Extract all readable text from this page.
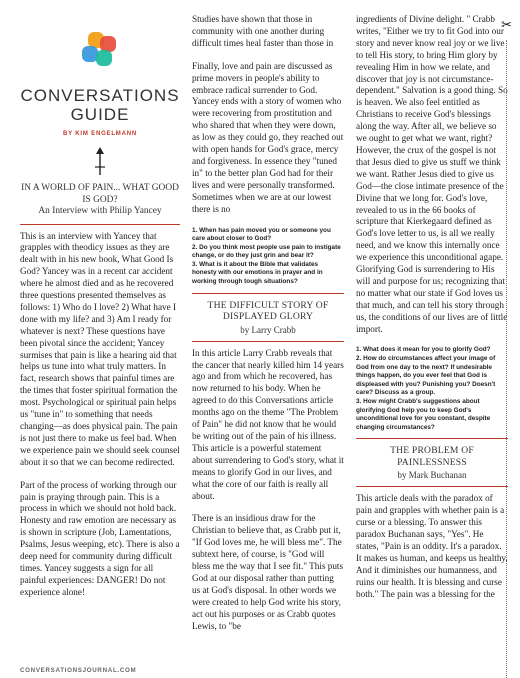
CONVERSATIONS
GUIDE

BY KIM ENGELMANN

IN A WORLD OF PAIN... WHAT GOOD IS GOD?
An Interview with Philip Yancey

This is an interview with Yancey that grapples with theodicy issues as they are dealt with in his new book, What Good Is God? Yancey was in a recent car accident where he almost died and as he recovered three questions presented themselves as follows: 1) Who do I love? 2) What have I done with my life? and 3) Am I ready for whatever is next? These questions have been pivotal since the accident; Yancey surmises that pain is like a hearing aid that helps us tune into what truly matters. In fact, research shows that painful times are the times that foster spiritual formation the most. Psychological or spiritual pain helps us "tune in" to something that needs changing—as does physical pain. The pain is not just there to make us feel bad. When we experience pain we should seek counsel about it so that we can become redirected.

Part of the process of working through our pain is praying through pain. This is a process in which we should not hold back. Honesty and raw emotion are necessary as is shown in scripture (Job, Lamentations, Psalms, Jesus weeping, etc). There is also a deep need for community during difficult times. Yancey suggests a sign for all painful experiences: DANGER! Do not experience alone!

Studies have shown that those in community with one another during difficult times heal faster than those in

Finally, love and pain are discussed as prime movers in people's ability to embrace radical surrender to God. Yancey ends with a story of women who were recovering from prostitution and who shared that when they were down, as low as they could go, they reached out with open hands for God's grace, mercy and forgiveness. In essence they "tuned in" to the better plan God had for their lives and were personally transformed. Sometimes when we are at our lowest there is no

1. When has pain moved you or someone you care about closer to God?

2. Do you think most people use pain to instigate change, or do they just grin and bear it?

3. What is it about the Bible that validates honesty with our emotions in prayer and in working through tough situations?

THE DIFFICULT STORY OF DISPLAYED GLORY

by Larry Crabb

In this article Larry Crabb reveals that the cancer that nearly killed him 14 years ago and from which he recovered, has now returned to his body. When he agreed to do this Conversations article months ago on the theme "The Problem of Pain" he did not know that he would be writing out of the pain of his illness. This article is a powerful statement about surrendering to God's story, what it means to glorify God in our lives, and what the core of our faith is really all about.

There is an insidious draw for the Christian to believe that, as Crabb put it, "If God loves me, he will bless me". The subtext here, of course, is "God will bless me the way that I see fit." This puts God at our disposal rather than putting us at God's disposal. In other words we were created to help God write his story, act out his purposes or as Crabb quotes Lewis, to "be

ingredients of Divine delight. " Crabb writes, "Either we try to fit God into our story and never know real joy or we live to tell His story, to bring Him glory by revealing Him in how we relate, and discover that joy is not circumstance-dependent." Salvation is a good thing. So is heaven. We also feel entitled as Christians to receive God's blessings along the way. After all, we believe so we ought to get what we want, right? However, the crux of the gospel is not that Jesus died to give us stuff we think we want. Rather Jesus died to give us God—the close intimate presence of the Divine that we long for. God's love, revealed to us in the 66 books of scripture that Kierkegaard defined as God's love letter to us, is all we really need, and we know this internally once we experience this unconditional agape. Glorifying God is surrendering to His will and purpose for us; recognizing that no matter what our state if God loves us that much, and can tell his story through us, the conditions of our lives are of little import.

1. What does it mean for you to glorify God?

2. How do circumstances affect your image of God from one day to the next? If undesirable things happen, do you ever feel that God is displeased with you? Punishing you? Doesn't care? Discuss as a group.

3. How might Crabb's suggestions about glorifying God help you to keep God's unconditional love for you constant, despite changing circumstances?

THE PROBLEM OF PAINLESSNESS

by Mark Buchanan

This article deals with the paradox of pain and grapples with whether pain is a curse or a blessing. To answer this paradox Buchanan says, "Yes". He states, "Pain is an oddity. It's a paradox. It makes us human, and keeps us healthy. And it diminishes our humanness, and ruins our health. It is blessing and curse both." The pain was a blessing for the

✂
CONVERSATIONSJOURNAL.COM
